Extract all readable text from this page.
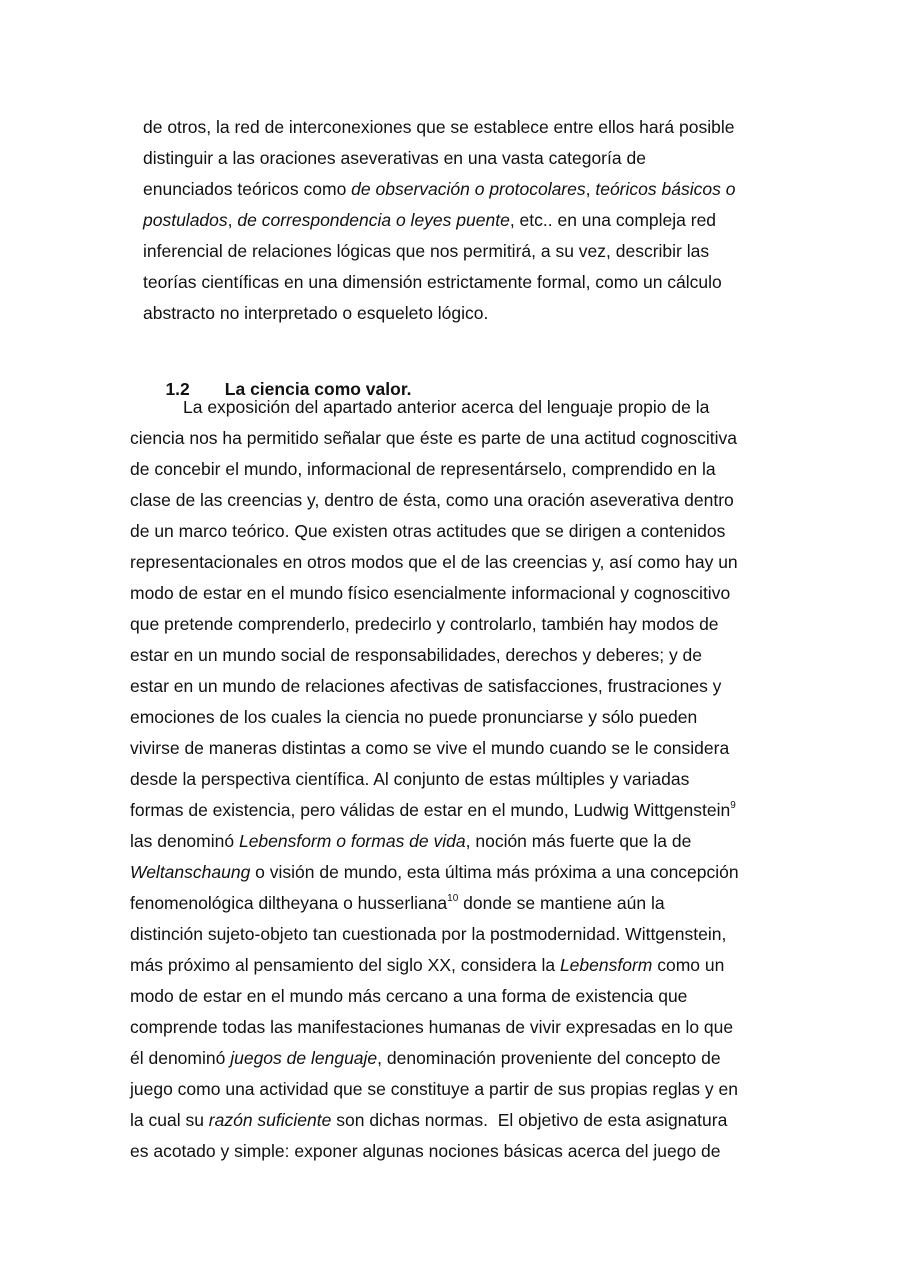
de otros, la red de interconexiones que se establece entre ellos hará posible
distinguir a las oraciones aseverativas en una vasta categoría de
enunciados teóricos como de observación o protocolares, teóricos básicos o
postulados, de correspondencia o leyes puente, etc.. en una compleja red
inferencial de relaciones lógicas que nos permitirá, a su vez, describir las
teorías científicas en una dimensión estrictamente formal, como un cálculo
abstracto no interpretado o esqueleto lógico.

1.2 La ciencia como valor.

La exposición del apartado anterior acerca del lenguaje propio de la
ciencia nos ha permitido señalar que éste es parte de una actitud cognoscitiva
de concebir el mundo, informacional de representárselo, comprendido en la
clase de las creencias y, dentro de ésta, como una oración aseverativa dentro
de un marco teórico. Que existen otras actitudes que se dirigen a contenidos
representacionales en otros modos que el de las creencias y, así como hay un
modo de estar en el mundo físico esencialmente informacional y cognoscitivo
que pretende comprenderlo, predecirlo y controlarlo, también hay modos de
estar en un mundo social de responsabilidades, derechos y deberes; y de
estar en un mundo de relaciones afectivas de satisfacciones, frustraciones y
emociones de los cuales la ciencia no puede pronunciarse y sólo pueden
vivirse de maneras distintas a como se vive el mundo cuando se le considera
desde la perspectiva científica. Al conjunto de estas múltiples y variadas
formas de existencia, pero válidas de estar en el mundo, Ludwig Wittgenstein$^9$
las denominó Lebensform o formas de vida, noción más fuerte que la de
Weltanschaung o visión de mundo, esta última más próxima a una concepción
fenomenológica diltheyana o husserliana$^{10}$ donde se mantiene aún la
distinción sujeto-objeto tan cuestionada por la postmodernidad. Wittgenstein,
más próximo al pensamiento del siglo XX, considera la Lebensform como un
modo de estar en el mundo más cercano a una forma de existencia que
comprende todas las manifestaciones humanas de vivir expresadas en lo que
él denominó juegos de lenguaje, denominación proveniente del concepto de
juego como una actividad que se constituye a partir de sus propias reglas y en
la cual su razón suficiente son dichas normas.  El objetivo de esta asignatura
es acotado y simple: exponer algunas nociones básicas acerca del juego de
